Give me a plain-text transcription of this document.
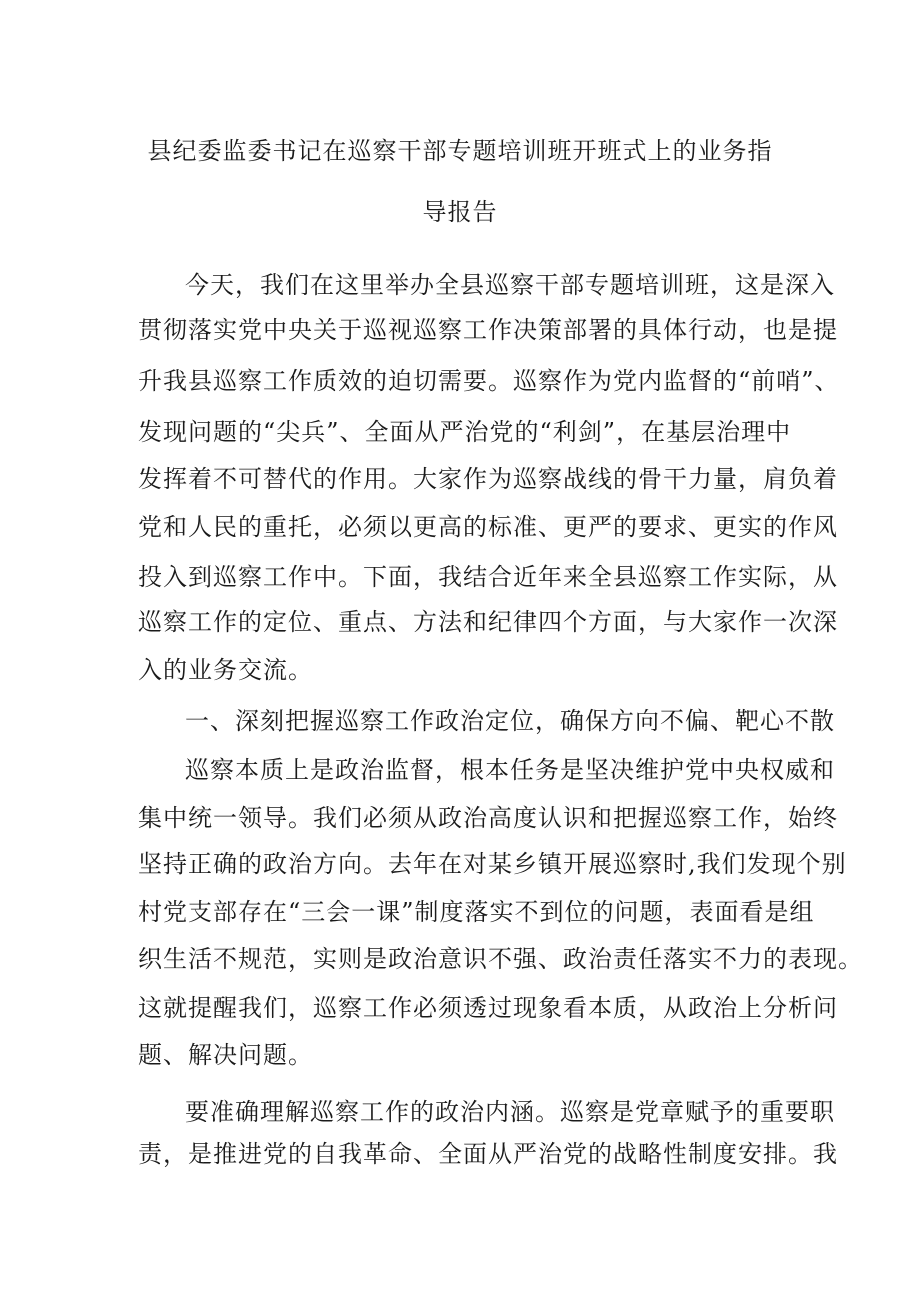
县纪委监委书记在巡察干部专题培训班开班式上的业务指
导报告
今天，我们在这里举办全县巡察干部专题培训班，这是深入
贯彻落实党中央关于巡视巡察工作决策部署的具体行动，也是提
升我县巡察工作质效的迫切需要。巡察作为党内监督的“前哨”、
发现问题的“尖兵”、全面从严治党的“利剑”，在基层治理中
发挥着不可替代的作用。大家作为巡察战线的骨干力量，肩负着
党和人民的重托，必须以更高的标准、更严的要求、更实的作风
投入到巡察工作中。下面，我结合近年来全县巡察工作实际，从
巡察工作的定位、重点、方法和纪律四个方面，与大家作一次深
入的业务交流。
一、深刻把握巡察工作政治定位，确保方向不偏、靶心不散
巡察本质上是政治监督，根本任务是坚决维护党中央权威和
集中统一领导。我们必须从政治高度认识和把握巡察工作，始终
坚持正确的政治方向。去年在对某乡镇开展巡察时,我们发现个别
村党支部存在“三会一课”制度落实不到位的问题，表面看是组
织生活不规范，实则是政治意识不强、政治责任落实不力的表现。
这就提醒我们，巡察工作必须透过现象看本质，从政治上分析问
题、解决问题。
要准确理解巡察工作的政治内涵。巡察是党章赋予的重要职
责，是推进党的自我革命、全面从严治党的战略性制度安排。我
